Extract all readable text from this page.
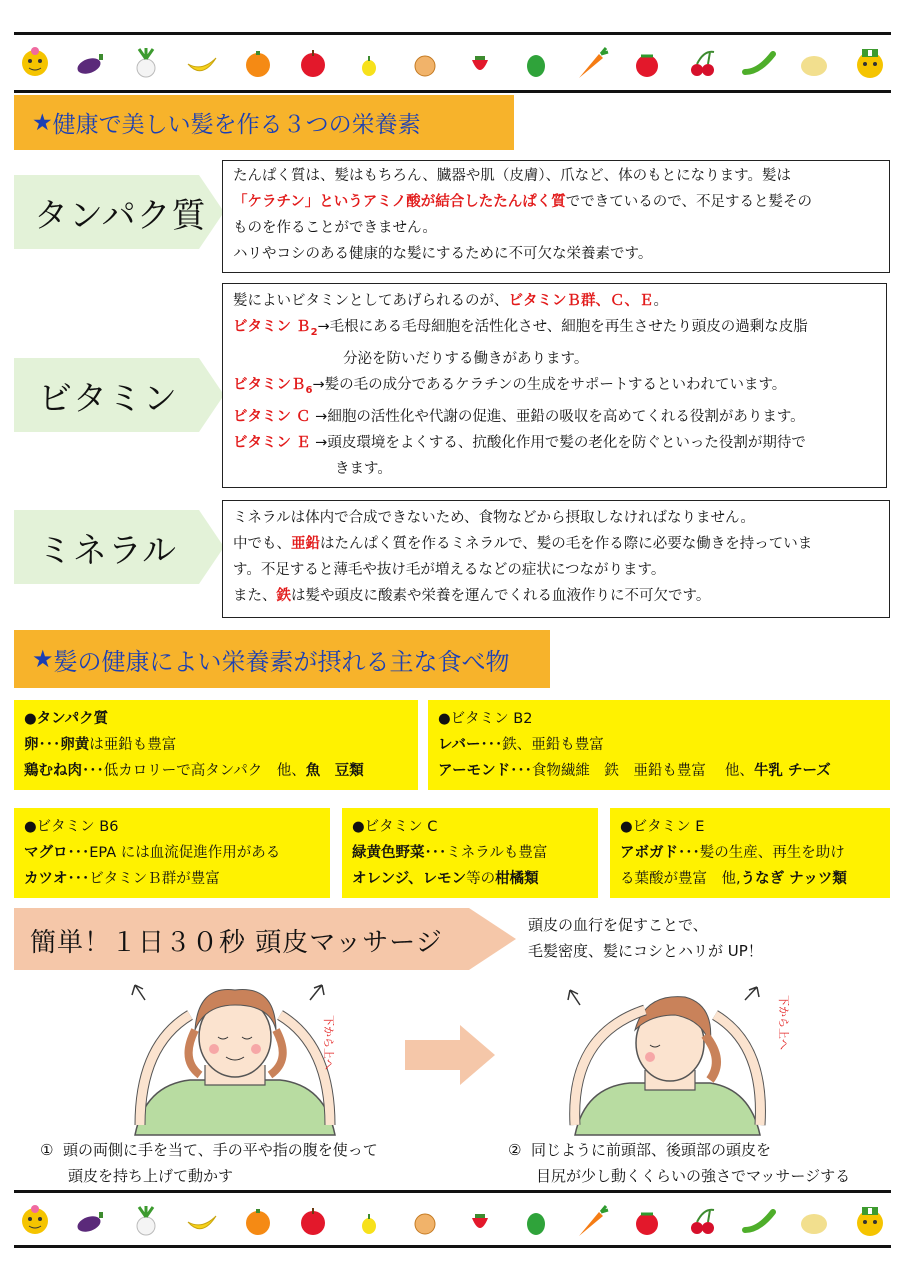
★ 健康で美しい髪を作る３つの栄養素
タンパク質
たんぱく質は、髪はもちろん、臓器や肌（皮膚）、爪など、体のもとになります。髪は
「ケラチン」というアミノ酸が結合したたんぱく質でできているので、不足すると髪その
ものを作ることができません。
ハリやコシのある健康的な髪にするために不可欠な栄養素です。
ビタミン
髪によいビタミンとしてあげられるのが、ビタミンＢ群、Ｃ、Ｅ。
ビタミン Ｂ$_2$→毛根にある毛母細胞を活性化させ、細胞を再生させたり頭皮の過剰な皮脂
分泌を防いだりする働きがあります。
ビタミンＢ$_6$→髪の毛の成分であるケラチンの生成をサポートするといわれています。
ビタミン Ｃ →細胞の活性化や代謝の促進、亜鉛の吸収を高めてくれる役割があります。
ビタミン Ｅ →頭皮環境をよくする、抗酸化作用で髪の老化を防ぐといった役割が期待で
きます。
ミネラル
ミネラルは体内で合成できないため、食物などから摂取しなければなりません。
中でも、亜鉛はたんぱく質を作るミネラルで、髪の毛を作る際に必要な働きを持っていま
す。不足すると薄毛や抜け毛が増えるなどの症状につながります。
また、鉄は髪や頭皮に酸素や栄養を運んでくれる血液作りに不可欠です。
★ 髪の健康によい栄養素が摂れる主な食べ物
●タンパク質
卵･･･卵黄は亜鉛も豊富
鶏むね肉･･･低カロリーで高タンパク　他、魚　豆類
●ビタミン B2
レバー･･･鉄、亜鉛も豊富
アーモンド･･･食物繊維　鉄　亜鉛も豊富　 他、牛乳 チーズ
●ビタミン B6
マグロ･･･EPA には血流促進作用がある
カツオ･･･ビタミンＢ群が豊富
●ビタミン C
緑黄色野菜･･･ミネラルも豊富
オレンジ、レモン等の柑橘類
●ビタミン E
アボガド･･･髪の生産、再生を助け
る葉酸が豊富　他,うなぎ ナッツ類
簡単！１日３０秒 頭皮マッサージ
頭皮の血行を促すことで、
毛髪密度、髪にコシとハリが UP！
下から上へ	下から上へ
① 頭の両側に手を当て、手の平や指の腹を使って
頭皮を持ち上げて動かす
② 同じように前頭部、後頭部の頭皮を
目尻が少し動くくらいの強さでマッサージする
